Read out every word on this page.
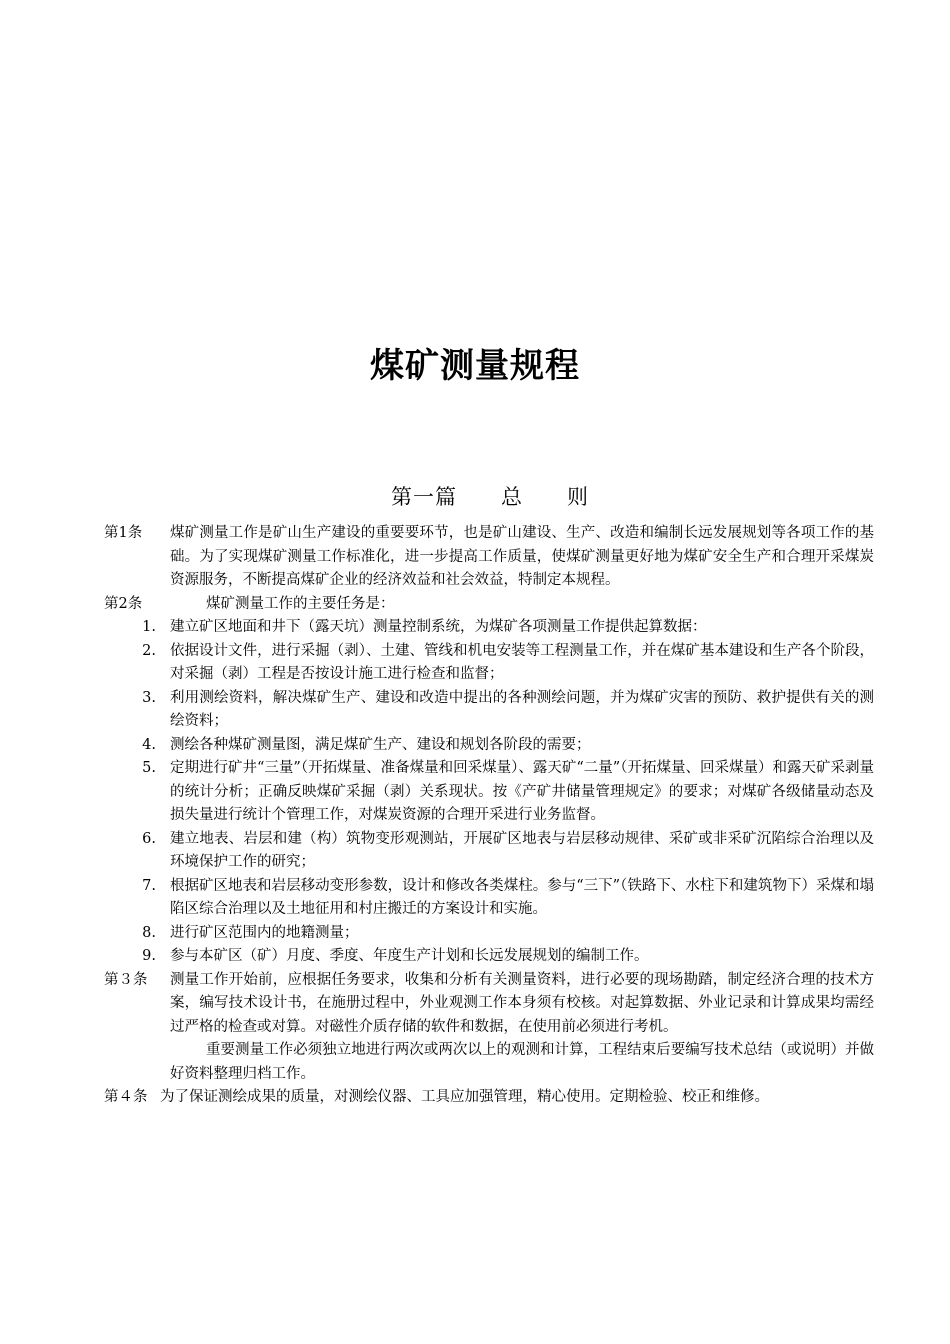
煤矿测量规程
第一篇　　总　　则
第1条 煤矿测量工作是矿山生产建设的重要要环节，也是矿山建设、生产、改造和编制长远发展规划等各项工作的基础。为了实现煤矿测量工作标准化，进一步提高工作质量，使煤矿测量更好地为煤矿安全生产和合理开采煤炭资源服务，不断提高煤矿企业的经济效益和社会效益，特制定本规程。

第2条	煤矿测量工作的主要任务是：

1. 建立矿区地面和井下（露天坑）测量控制系统，为煤矿各项测量工作提供起算数据：

2. 依据设计文件，进行采掘（剥）、土建、管线和机电安装等工程测量工作，并在煤矿基本建设和生产各个阶段，对采掘（剥）工程是否按设计施工进行检查和监督；

3. 利用测绘资料，解决煤矿生产、建设和改造中提出的各种测绘问题，并为煤矿灾害的预防、救护提供有关的测绘资料；

4. 测绘各种煤矿测量图，满足煤矿生产、建设和规划各阶段的需要；

5. 定期进行矿井“三量”（开拓煤量、准备煤量和回采煤量）、露天矿“二量”（开拓煤量、回采煤量）和露天矿采剥量的统计分析；正确反映煤矿采掘（剥）关系现状。按《产矿井储量管理规定》的要求；对煤矿各级储量动态及损失量进行统计个管理工作，对煤炭资源的合理开采进行业务监督。

6. 建立地表、岩层和建（构）筑物变形观测站，开展矿区地表与岩层移动规律、采矿或非采矿沉陷综合治理以及环境保护工作的研究；

7. 根据矿区地表和岩层移动变形参数，设计和修改各类煤柱。参与“三下”（铁路下、水柱下和建筑物下）采煤和塌陷区综合治理以及土地征用和村庄搬迁的方案设计和实施。

8. 进行矿区范围内的地籍测量；

9. 参与本矿区（矿）月度、季度、年度生产计划和长远发展规划的编制工作。

第３条 测量工作开始前，应根据任务要求，收集和分析有关测量资料，进行必要的现场勘踏，制定经济合理的技术方案，编写技术设计书，在施册过程中，外业观测工作本身须有校核。对起算数据、外业记录和计算成果均需经过严格的检查或对算。对磁性介质存储的软件和数据，在使用前必须进行考机。

重要测量工作必须独立地进行两次或两次以上的观测和计算，工程结束后要编写技术总结（或说明）并做好资料整理归档工作。

第４条 为了保证测绘成果的质量，对测绘仪器、工具应加强管理，精心使用。定期检验、校正和维修。
